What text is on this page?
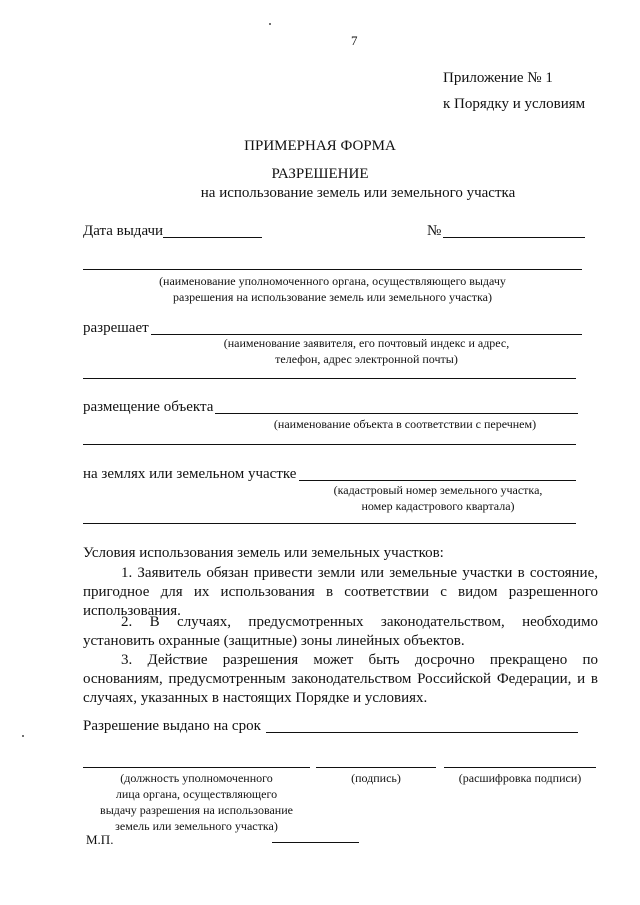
7
Приложение № 1
к Порядку и условиям
ПРИМЕРНАЯ ФОРМА
РАЗРЕШЕНИЕ
на использование земель или земельного участка
Дата выдачи	№
(наименование уполномоченного органа, осуществляющего выдачу
разрешения на использование земель или земельного участка)
разрешает
(наименование заявителя, его почтовый индекс и адрес,
телефон, адрес электронной почты)
размещение объекта
(наименование объекта в соответствии с перечнем)
на землях или земельном участке
(кадастровый номер земельного участка,
номер кадастрового квартала)
Условия использования земель или земельных участков:
1. Заявитель обязан привести земли или земельные участки в состояние, пригодное для их использования в соответствии с видом разрешенного использования.
2. В случаях, предусмотренных законодательством, необходимо установить охранные (защитные) зоны линейных объектов.
3. Действие разрешения может быть досрочно прекращено по основаниям, предусмотренным законодательством Российской Федерации, и в случаях, указанных в настоящих Порядке и условиях.
Разрешение выдано на срок
(должность уполномоченного
лица органа, осуществляющего
выдачу разрешения на использование
земель или земельного участка)
(подпись)	(расшифровка подписи)
М.П.
